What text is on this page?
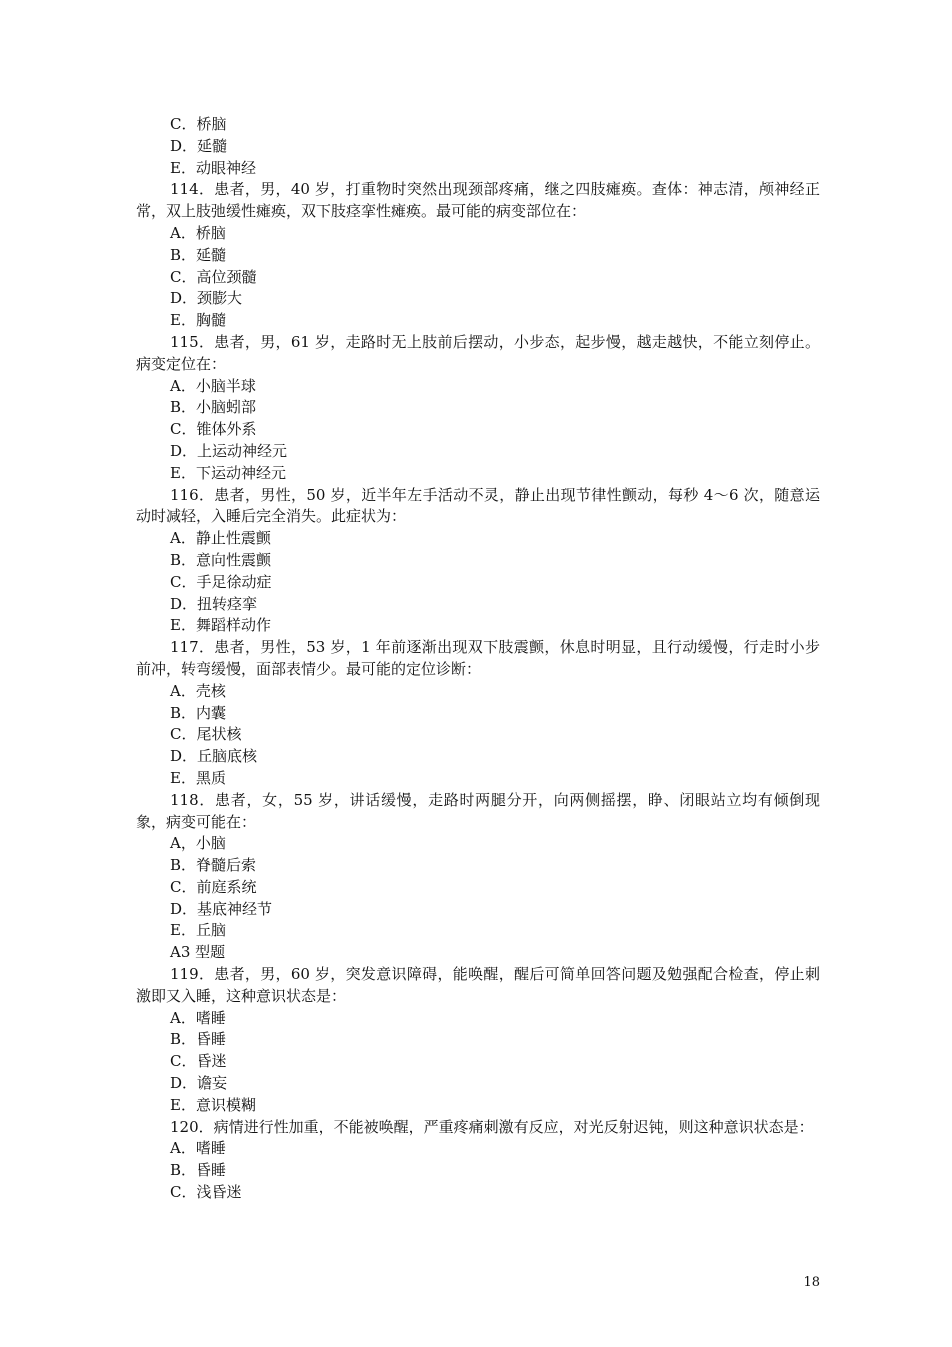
C．桥脑
D．延髓
E．动眼神经
114．患者，男，40 岁，打重物时突然出现颈部疼痛，继之四肢瘫痪。查体：神志清，颅神经正常，双上肢弛缓性瘫痪，双下肢痉挛性瘫痪。最可能的病变部位在：
A．桥脑
B．延髓
C．高位颈髓
D．颈膨大
E．胸髓
115．患者，男，61 岁，走路时无上肢前后摆动，小步态，起步慢，越走越快，不能立刻停止。病变定位在：
A．小脑半球
B．小脑蚓部
C．锥体外系
D．上运动神经元
E．下运动神经元
116．患者，男性，50 岁，近半年左手活动不灵，静止出现节律性颤动，每秒 4～6 次，随意运动时减轻，入睡后完全消失。此症状为：
A．静止性震颤
B．意向性震颤
C．手足徐动症
D．扭转痉挛
E．舞蹈样动作
117．患者，男性，53 岁，1 年前逐渐出现双下肢震颤，休息时明显，且行动缓慢，行走时小步前冲，转弯缓慢，面部表情少。最可能的定位诊断：
A．壳核
B．内囊
C．尾状核
D．丘脑底核
E．黑质
118．患者，女，55 岁，讲话缓慢，走路时两腿分开，向两侧摇摆，睁、闭眼站立均有倾倒现象，病变可能在：
A，小脑
B．脊髓后索
C．前庭系统
D．基底神经节
E．丘脑
A3 型题
119．患者，男，60 岁，突发意识障碍，能唤醒，醒后可简单回答问题及勉强配合检查，停止刺激即又入睡，这种意识状态是：
A．嗜睡
B．昏睡
C．昏迷
D．谵妄
E．意识模糊
120．病情进行性加重，不能被唤醒，严重疼痛刺激有反应，对光反射迟钝，则这种意识状态是：
A．嗜睡
B．昏睡
C．浅昏迷
18
